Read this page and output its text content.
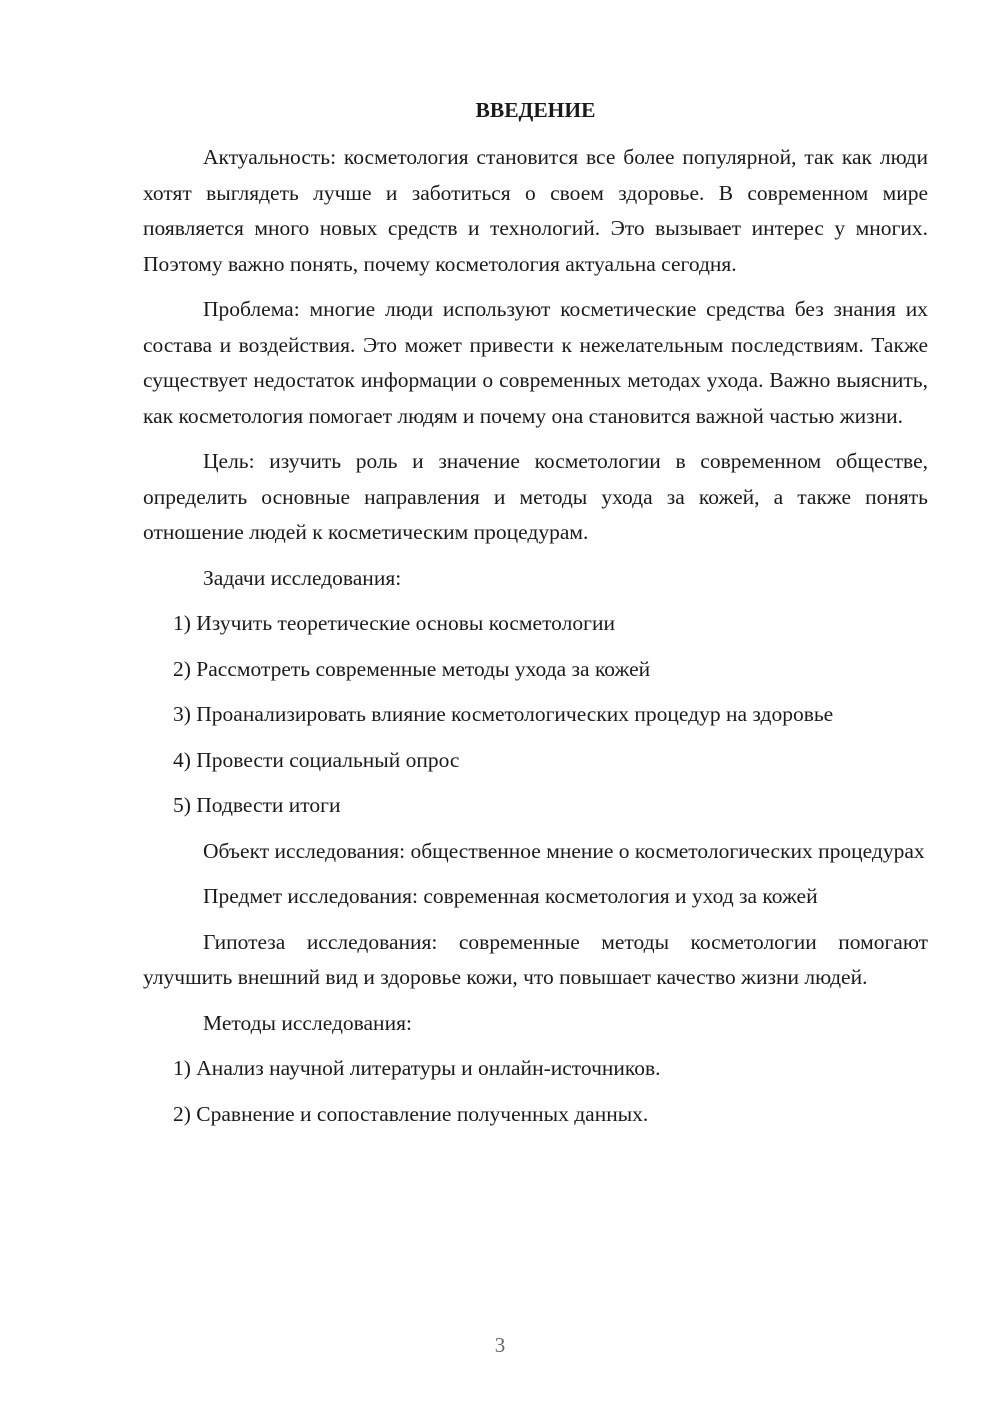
ВВЕДЕНИЕ

Актуальность: косметология становится все более популярной, так как люди хотят выглядеть лучше и заботиться о своем здоровье. В современном мире появляется много новых средств и технологий. Это вызывает интерес у многих. Поэтому важно понять, почему косметология актуальна сегодня.

Проблема: многие люди используют косметические средства без знания их состава и воздействия. Это может привести к нежелательным последствиям. Также существует недостаток информации о современных методах ухода. Важно выяснить, как косметология помогает людям и почему она становится важной частью жизни.

Цель: изучить роль и значение косметологии в современном обществе, определить основные направления и методы ухода за кожей, а также понять отношение людей к косметическим процедурам.

Задачи исследования:

1) Изучить теоретические основы косметологии

2) Рассмотреть современные методы ухода за кожей

3) Проанализировать влияние косметологических процедур на здоровье

4) Провести социальный опрос

5) Подвести итоги

Объект исследования: общественное мнение о косметологических процедурах

Предмет исследования: современная косметология и уход за кожей

Гипотеза исследования: современные методы косметологии помогают улучшить внешний вид и здоровье кожи, что повышает качество жизни людей.

Методы исследования:

1) Анализ научной литературы и онлайн-источников.

2) Сравнение и сопоставление полученных данных.

3
